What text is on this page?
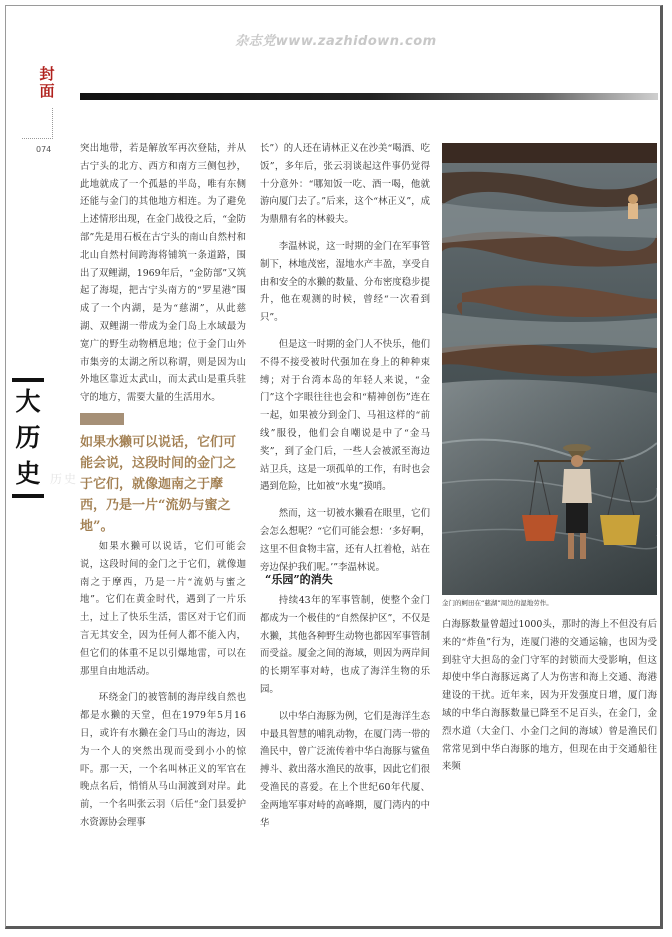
杂志党www.zazhidown.com
封面
074	突出地带，若是解放军再次登陆，并从古宁头的北方、西方和南方三侧包抄，此地就成了一个孤悬的半岛，唯有东侧还能与金门的其他地方相连。为了避免上述情形出现，在金门战役之后，“金防部”先是用石板在古宁头的南山自然村和北山自然村间跨海将铺筑一条道路，围出了双鲤湖，1969年后，“金防部”又筑起了海堤，把古宁头南方的“罗星港”围成了一个内湖，是为“慈湖”，从此慈湖、双鲤湖一带成为金门岛上水域最为宽广的野生动物栖息地；位于金门山外市集旁的太湖之所以称谓，则是因为山外地区靠近太武山，而太武山是重兵驻守的地方，需要大量的生活用水。

大
历
史 历史
如果水獭可以说话，它们可能会说，这段时间的金门之于它们，就像迦南之于摩西，乃是一片“流奶与蜜之地”。

如果水獭可以说话，它们可能会说，这段时间的金门之于它们，就像迦南之于摩西，乃是一片“流奶与蜜之地”。它们在黄金时代，遇到了一片乐土，过上了快乐生活，雷区对于它们而言无其安全，因为任何人都不能入内，但它们的体重不足以引爆地雷，可以在那里自由地活动。

环绕金门的被管制的海岸线自然也都是水獭的天堂，但在1979年5月16日，或许有水獭在金门马山的海边，因为一个人的突然出现而受到小小的惊吓。那一天，一个名叫林正义的军官在晚点名后，悄悄从马山洞渡到对岸。此前，一个名叫张云羽（后任“金门县爱护水资源协会理事

长”）的人还在请林正义在沙美“喝酒、吃饭”，多年后，张云羽谈起这件事仍觉得十分意外：“哪知饭一吃、酒一喝，他就游向厦门去了。”后来，这个“林正义”，成为鼎鼎有名的林毅夫。

李温林说，这一时期的金门在军事管制下，林地茂密，湿地水产丰盈，享受自由和安全的水獭的数量、分布密度稳步提升，他在观测的时候，曾经“一次看到只”。

但是这一时期的金门人不快乐，他们不得不接受被时代强加在身上的种种束缚；对于台湾本岛的年轻人来说，“金门”这个字眼往往也会和“精神创伤”连在一起，如果被分到金门、马祖这样的“前线”服役，他们会自嘲说是中了“金马奖”，到了金门后，一些人会被派至海边站卫兵，这是一项孤单的工作，有时也会遇到危险，比如被“水鬼”摸哨。

然而，这一切被水獭看在眼里，它们会怎么想呢？“它们可能会想：‘多好啊，这里不但食物丰富，还有人扛着枪，站在旁边保护我们呢。’”李温林说。

“乐园”的消失

持续43年的军事管制，使整个金门都成为一个极佳的“自然保护区”，不仅是水獭，其他各种野生动物也都因军事管制而受益。厦金之间的海域，则因为两岸间的长期军事对峙，也成了海洋生物的乐园。

以中华白海豚为例，它们是海洋生态中最具智慧的哺乳动物，在厦门湾一带的渔民中，曾广泛流传着中华白海豚与鲨鱼搏斗、救出落水渔民的故事，因此它们很受渔民的喜爱。在上个世纪60年代厦、金两地军事对峙的高峰期，厦门湾内的中华

金门的蚵田在“慈湖”周边的湿地劳作。

白海豚数量曾超过1000头，那时的海上不但没有后来的“炸鱼”行为，连厦门港的交通运输，也因为受到驻守大担岛的金门守军的封锁而大受影响，但这却使中华白海豚远离了人为伤害和海上交通、海港建设的干扰。近年来，因为开发强度日增，厦门海域的中华白海豚数量已降至不足百头，在金门，金烈水道（大金门、小金门之间的海域）曾是渔民们常常见到中华白海豚的地方，但现在由于交通船往来频
